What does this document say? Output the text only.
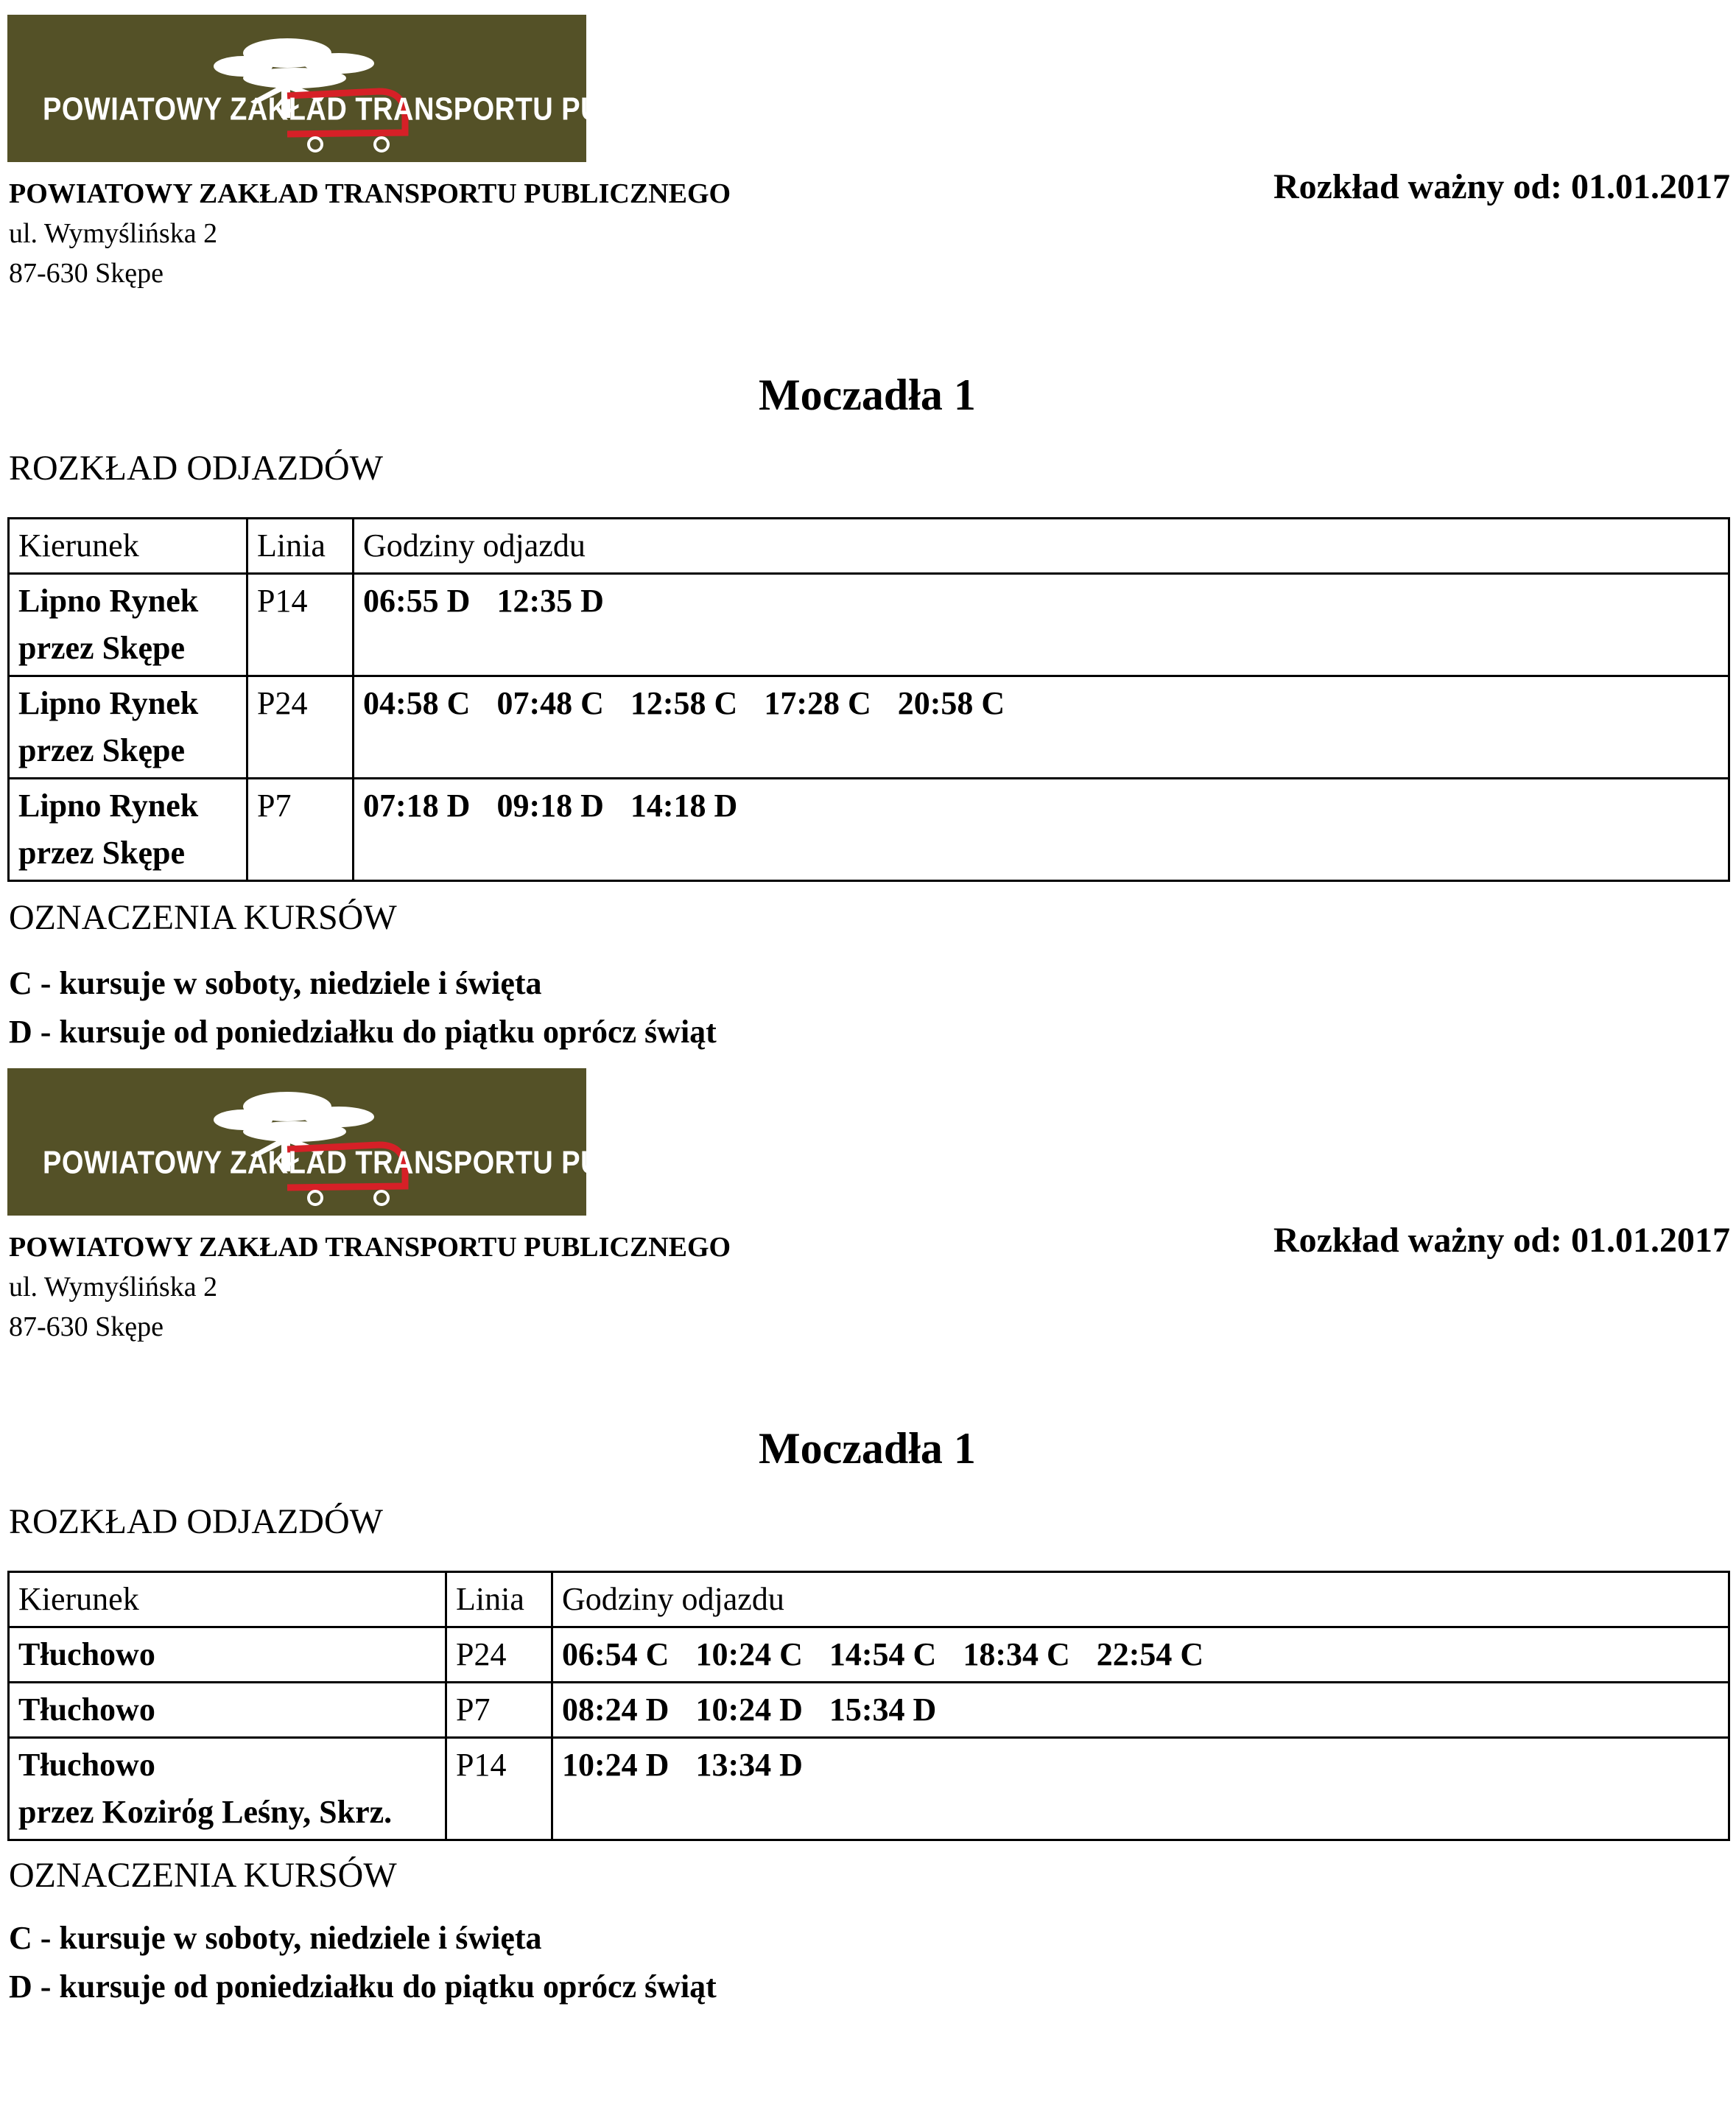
POWIATOWY ZAKŁAD TRANSPORTU PUBLICZNEGO
POWIATOWY ZAKŁAD TRANSPORTU PUBLICZNEGO
ul. Wymyślińska 2
87-630 Skępe
Rozkład ważny od: 01.01.2017
Moczadła 1
ROZKŁAD ODJAZDÓW
Kierunek	Linia	Godziny odjazdu

Lipno Rynek
przez Skępe	P14	06:55 D 12:35 D

Lipno Rynek
przez Skępe	P24	04:58 C 07:48 C 12:58 C 17:28 C 20:58 C

Lipno Rynek
przez Skępe	P7	07:18 D 09:18 D 14:18 D
OZNACZENIA KURSÓW
C - kursuje w soboty, niedziele i święta
D - kursuje od poniedziałku do piątku oprócz świąt
POWIATOWY ZAKŁAD TRANSPORTU PUBLICZNEGO
POWIATOWY ZAKŁAD TRANSPORTU PUBLICZNEGO
ul. Wymyślińska 2
87-630 Skępe
Rozkład ważny od: 01.01.2017
Moczadła 1
ROZKŁAD ODJAZDÓW
Kierunek	Linia	Godziny odjazdu

Tłuchowo	P24	06:54 C 10:24 C 14:54 C 18:34 C 22:54 C

Tłuchowo	P7	08:24 D 10:24 D 15:34 D

Tłuchowo
przez Kozirόg Leśny, Skrz.	P14	10:24 D 13:34 D
OZNACZENIA KURSÓW
C - kursuje w soboty, niedziele i święta
D - kursuje od poniedziałku do piątku oprócz świąt
